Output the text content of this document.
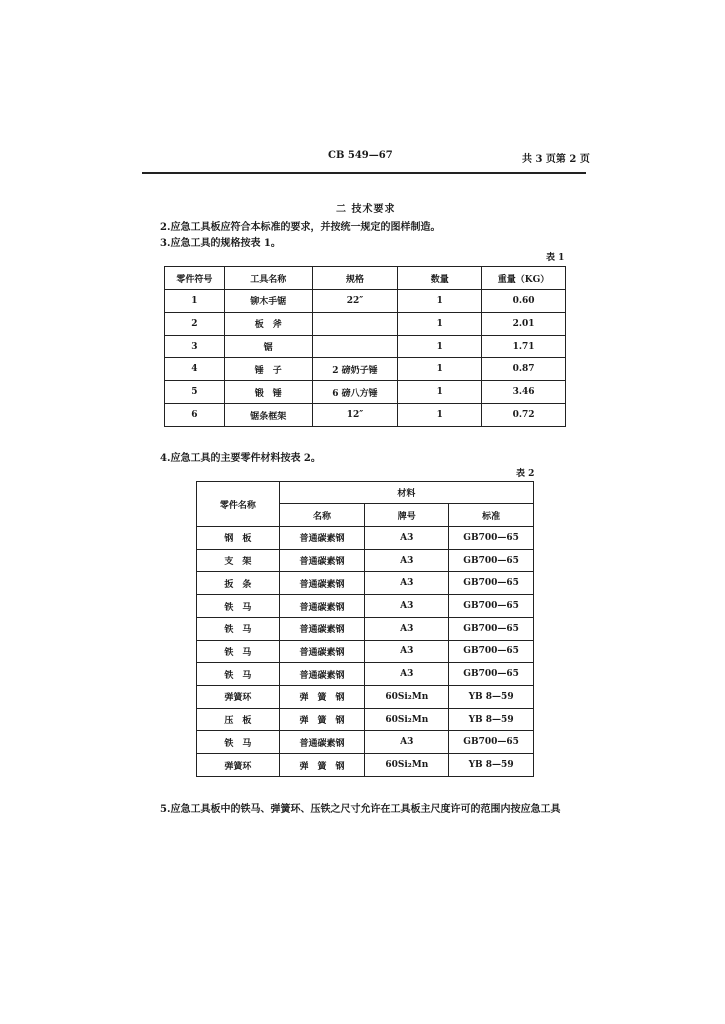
CB 549—67	共 3 页第 2 页
二 技术要求
2.应急工具板应符合本标准的要求，并按统一规定的图样制造。
3.应急工具的规格按表 1。
表 1
零件符号	工具名称	规格	数量	重量（KG）
1	铆木手锯	22″	1	0.60
2	板　斧		1	2.01
3	锯		1	1.71
4	锤　子	2 磅奶子锤	1	0.87
5	锻　锤	6 磅八方锤	1	3.46
6	锯条框架	12″	1	0.72
4.应急工具的主要零件材料按表 2。
表 2
零件名称	材料		
	名称	牌号	标准
钢　板	普通碳素钢	A3	GB700—65
支　架	普通碳素钢	A3	GB700—65
扳　条	普通碳素钢	A3	GB700—65
铁　马	普通碳素钢	A3	GB700—65
铁　马	普通碳素钢	A3	GB700—65
铁　马	普通碳素钢	A3	GB700—65
铁　马	普通碳素钢	A3	GB700—65
弹簧环	弹　簧　钢	60Si₂Mn	YB 8—59
压　板	弹　簧　钢	60Si₂Mn	YB 8—59
铁　马	普通碳素钢	A3	GB700—65
弹簧环	弹　簧　钢	60Si₂Mn	YB 8—59
5.应急工具板中的铁马、弹簧环、压铁之尺寸允许在工具板主尺度许可的范围内按应急工具
